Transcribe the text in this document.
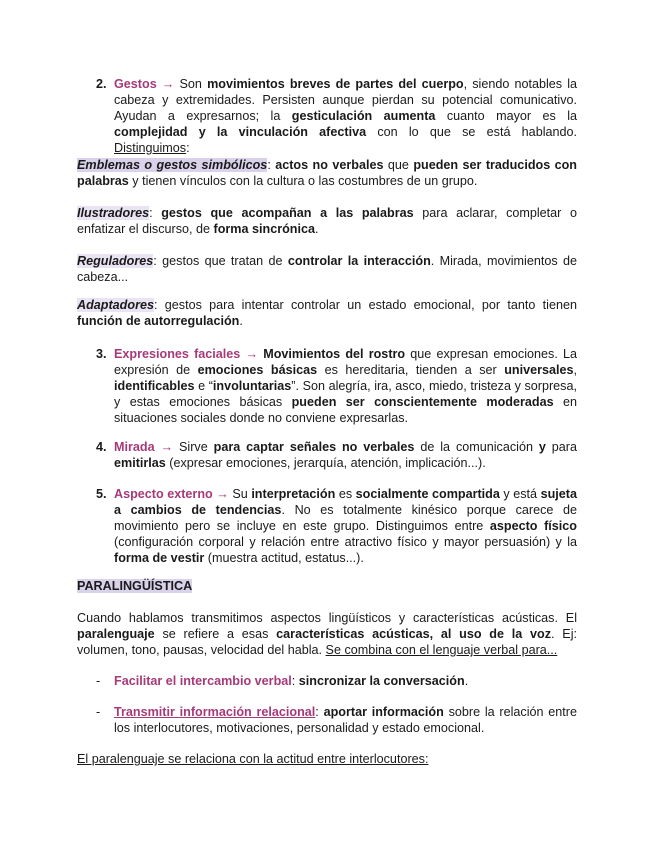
2. Gestos → Son movimientos breves de partes del cuerpo, siendo notables la cabeza y extremidades. Persisten aunque pierdan su potencial comunicativo. Ayudan a expresarnos; la gesticulación aumenta cuanto mayor es la complejidad y la vinculación afectiva con lo que se está hablando. Distinguimos:
Emblemas o gestos simbólicos: actos no verbales que pueden ser traducidos con palabras y tienen vínculos con la cultura o las costumbres de un grupo.
Ilustradores: gestos que acompañan a las palabras para aclarar, completar o enfatizar el discurso, de forma sincrónica.
Reguladores: gestos que tratan de controlar la interacción. Mirada, movimientos de cabeza...
Adaptadores: gestos para intentar controlar un estado emocional, por tanto tienen función de autorregulación.
3. Expresiones faciales → Movimientos del rostro que expresan emociones. La expresión de emociones básicas es hereditaria, tienden a ser universales, identificables e “involuntarias”. Son alegría, ira, asco, miedo, tristeza y sorpresa, y estas emociones básicas pueden ser conscientemente moderadas en situaciones sociales donde no conviene expresarlas.
4. Mirada → Sirve para captar señales no verbales de la comunicación y para emitirlas (expresar emociones, jerarquía, atención, implicación...).
5. Aspecto externo → Su interpretación es socialmente compartida y está sujeta a cambios de tendencias. No es totalmente kinésico porque carece de movimiento pero se incluye en este grupo. Distinguimos entre aspecto físico (configuración corporal y relación entre atractivo físico y mayor persuasión) y la forma de vestir (muestra actitud, estatus...).
PARALINGÜÍSTICA
Cuando hablamos transmitimos aspectos lingüísticos y características acústicas. El paralenguaje se refiere a esas características acústicas, al uso de la voz. Ej: volumen, tono, pausas, velocidad del habla. Se combina con el lenguaje verbal para...
- Facilitar el intercambio verbal: sincronizar la conversación.
- Transmitir información relacional: aportar información sobre la relación entre los interlocutores, motivaciones, personalidad y estado emocional.
El paralenguaje se relaciona con la actitud entre interlocutores:
